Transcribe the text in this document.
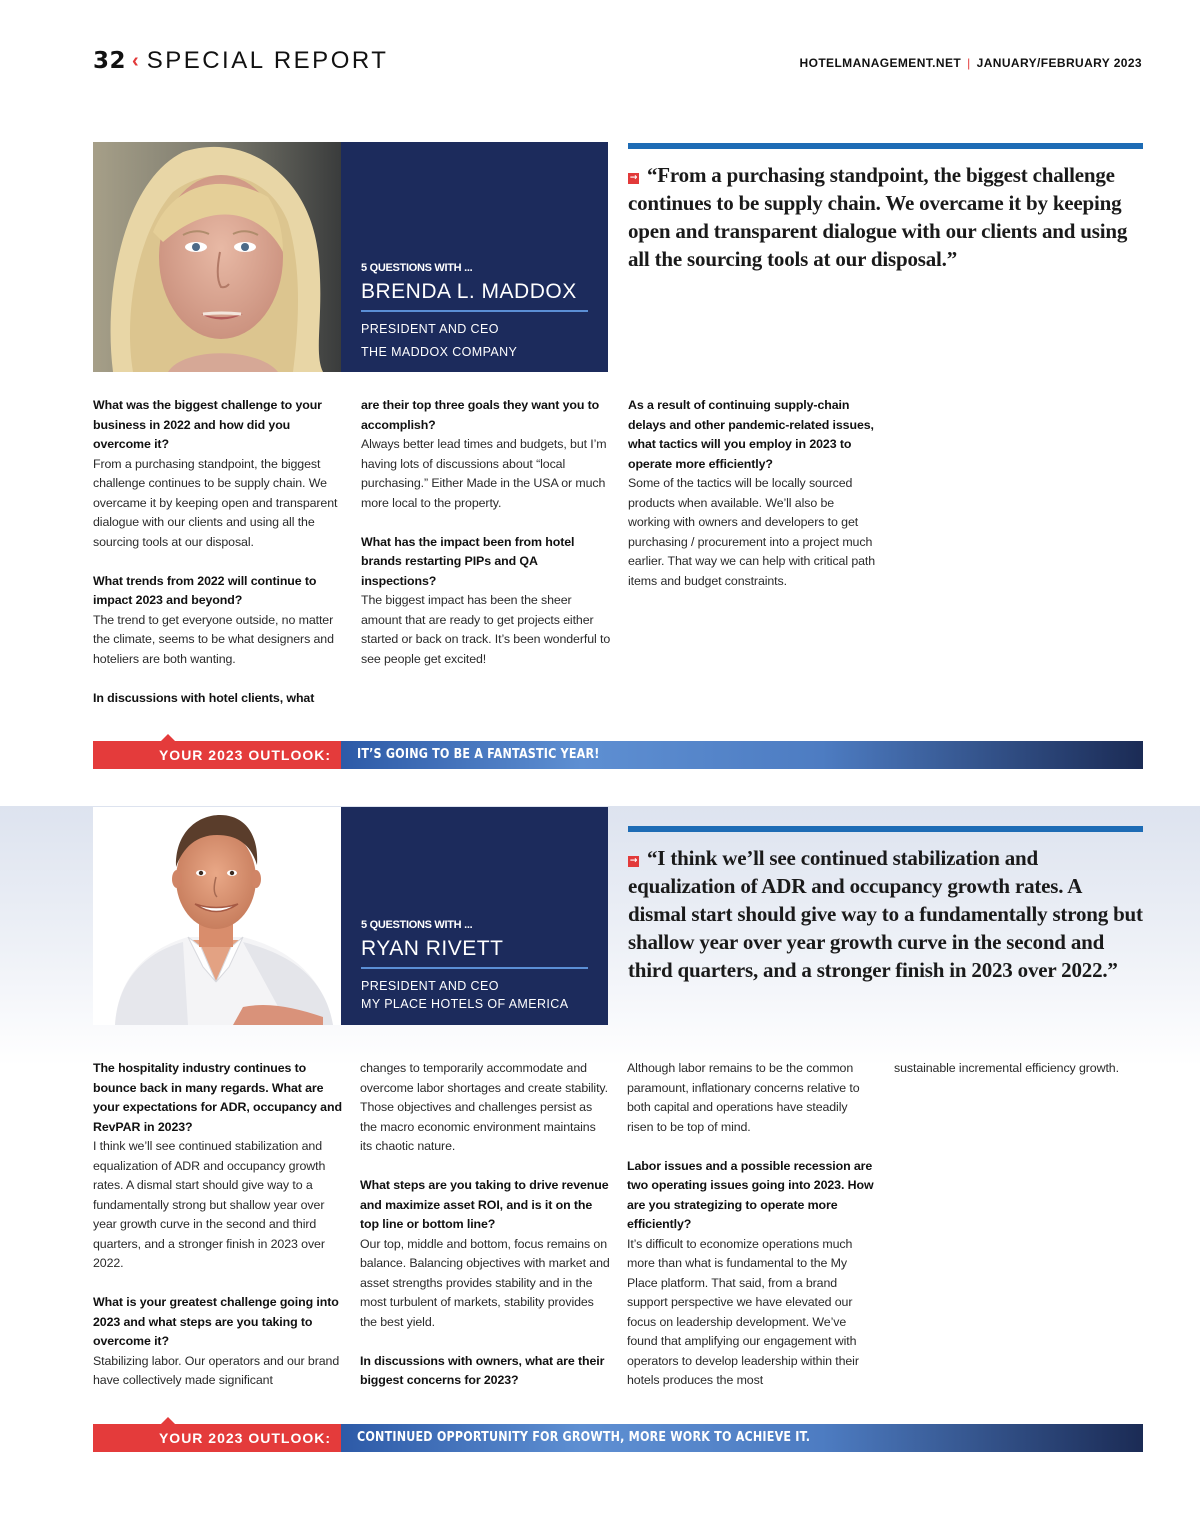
32 ‹ SPECIAL REPORT	HOTELMANAGEMENT.NET | JANUARY/FEBRUARY 2023
5 QUESTIONS WITH ...
BRENDA L. MADDOX
PRESIDENT AND CEO
THE MADDOX COMPANY
→ “From a purchasing standpoint, the biggest challenge continues to be supply chain. We overcame it by keeping open and transparent dialogue with our clients and using all the sourcing tools at our disposal.”
What was the biggest challenge to your business in 2022 and how did you overcome it?
From a purchasing standpoint, the biggest challenge continues to be supply chain. We overcame it by keeping open and transparent dialogue with our clients and using all the sourcing tools at our disposal.
What trends from 2022 will continue to impact 2023 and beyond?
The trend to get everyone outside, no matter the climate, seems to be what designers and hoteliers are both wanting.
In discussions with hotel clients, what
are their top three goals they want you to accomplish?
Always better lead times and budgets, but I’m having lots of discussions about “local purchasing.” Either Made in the USA or much more local to the property.
What has the impact been from hotel brands restarting PIPs and QA inspections?
The biggest impact has been the sheer amount that are ready to get projects either started or back on track. It’s been wonderful to see people get excited!
As a result of continuing supply-chain delays and other pandemic-related issues, what tactics will you employ in 2023 to operate more efficiently?
Some of the tactics will be locally sourced products when available. We’ll also be working with owners and developers to get purchasing / procurement into a project much earlier. That way we can help with critical path items and budget constraints.
YOUR 2023 OUTLOOK: IT’S GOING TO BE A FANTASTIC YEAR!
5 QUESTIONS WITH ...
RYAN RIVETT
PRESIDENT AND CEO
MY PLACE HOTELS OF AMERICA
→ “I think we’ll see continued stabilization and equalization of ADR and occupancy growth rates. A dismal start should give way to a fundamentally strong but shallow year over year growth curve in the second and third quarters, and a stronger finish in 2023 over 2022.”
The hospitality industry continues to bounce back in many regards. What are your expectations for ADR, occupancy and RevPAR in 2023?
I think we’ll see continued stabilization and equalization of ADR and occupancy growth rates. A dismal start should give way to a fundamentally strong but shallow year over year growth curve in the second and third quarters, and a stronger finish in 2023 over 2022.
What is your greatest challenge going into 2023 and what steps are you taking to overcome it?
Stabilizing labor. Our operators and our brand have collectively made significant
changes to temporarily accommodate and overcome labor shortages and create stability. Those objectives and challenges persist as the macro economic environment maintains its chaotic nature.
What steps are you taking to drive revenue and maximize asset ROI, and is it on the top line or bottom line?
Our top, middle and bottom, focus remains on balance. Balancing objectives with market and asset strengths provides stability and in the most turbulent of markets, stability provides the best yield.
In discussions with owners, what are their biggest concerns for 2023?
Although labor remains to be the common paramount, inflationary concerns relative to both capital and operations have steadily risen to be top of mind.
Labor issues and a possible recession are two operating issues going into 2023. How are you strategizing to operate more efficiently?
It’s difficult to economize operations much more than what is fundamental to the My Place platform. That said, from a brand support perspective we have elevated our focus on leadership development. We’ve found that amplifying our engagement with operators to develop leadership within their hotels produces the most
sustainable incremental efficiency growth.
YOUR 2023 OUTLOOK: CONTINUED OPPORTUNITY FOR GROWTH, MORE WORK TO ACHIEVE IT.
